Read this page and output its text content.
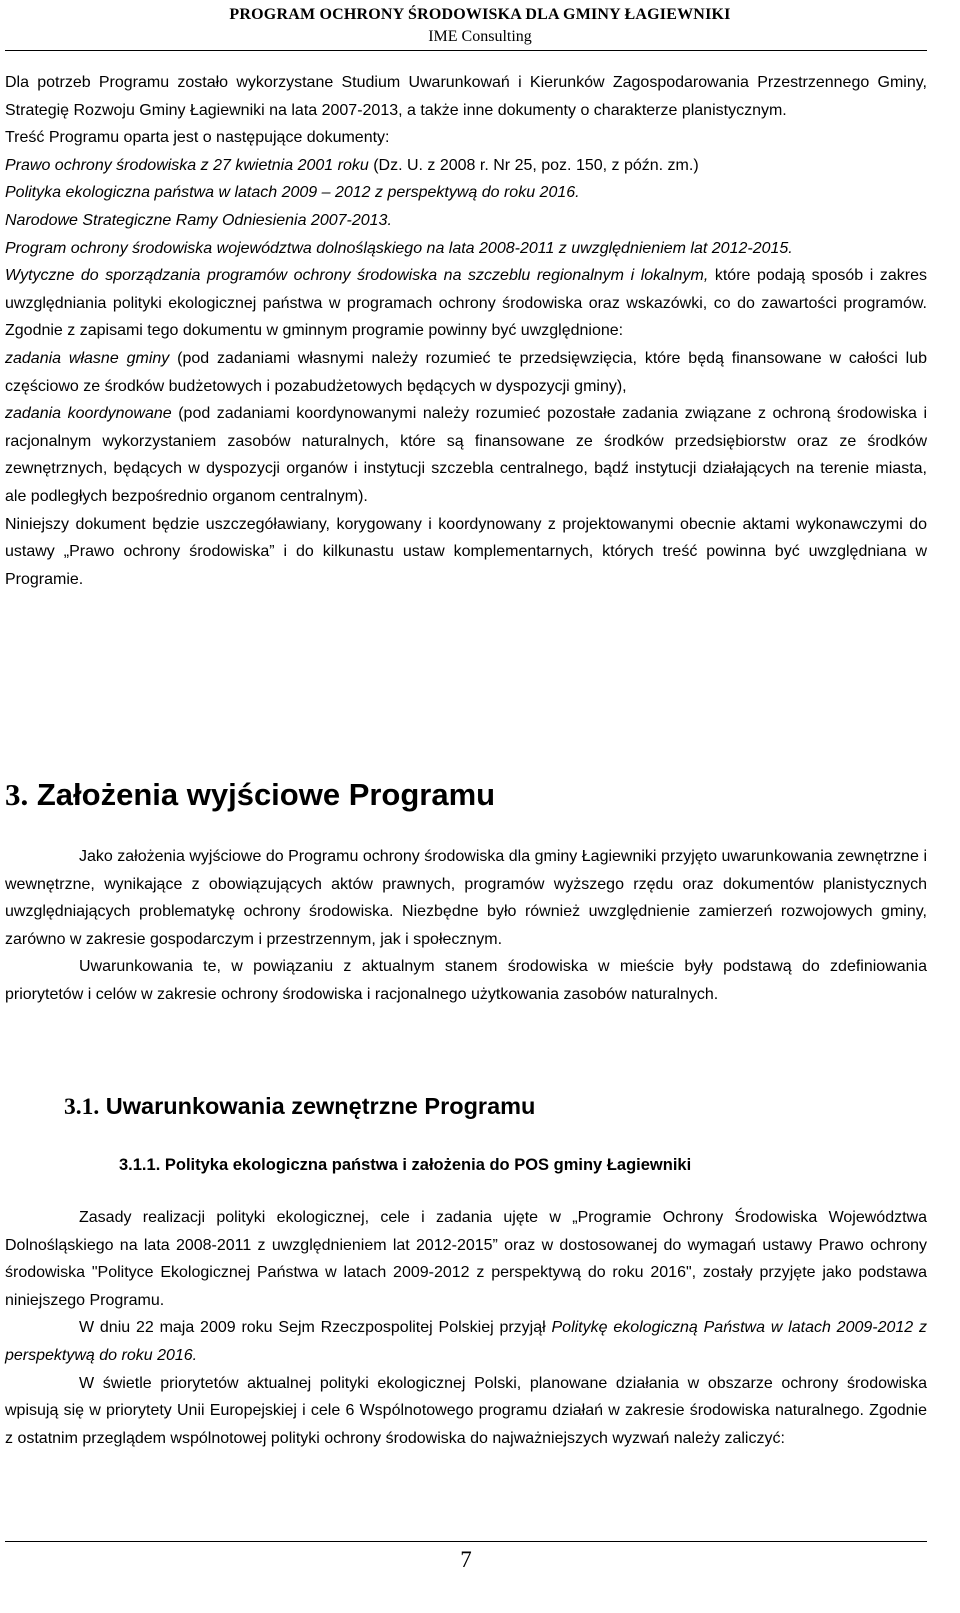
PROGRAM OCHRONY ŚRODOWISKA DLA GMINY ŁAGIEWNIKI
IME Consulting

Dla potrzeb Programu zostało wykorzystane Studium Uwarunkowań i Kierunków Zagospodarowania Przestrzennego Gminy, Strategię Rozwoju Gminy Łagiewniki na lata 2007-2013, a także inne dokumenty o charakterze planistycznym.

Treść Programu oparta jest o następujące dokumenty:

Prawo ochrony środowiska z 27 kwietnia 2001 roku (Dz. U. z 2008 r. Nr 25, poz. 150, z późn. zm.)

Polityka ekologiczna państwa w latach 2009 – 2012 z perspektywą do roku 2016.

Narodowe Strategiczne Ramy Odniesienia 2007-2013.

Program ochrony środowiska województwa dolnośląskiego na lata 2008-2011 z uwzględnieniem lat 2012-2015.

Wytyczne do sporządzania programów ochrony środowiska na szczeblu regionalnym i lokalnym, które podają sposób i zakres uwzględniania polityki ekologicznej państwa w programach ochrony środowiska oraz wskazówki, co do zawartości programów. Zgodnie z zapisami tego dokumentu w gminnym programie powinny być uwzględnione:

zadania własne gminy (pod zadaniami własnymi należy rozumieć te przedsięwzięcia, które będą finansowane w całości lub częściowo ze środków budżetowych i pozabudżetowych będących w dyspozycji gminy),

zadania koordynowane (pod zadaniami koordynowanymi należy rozumieć pozostałe zadania związane z ochroną środowiska i racjonalnym wykorzystaniem zasobów naturalnych, które są finansowane ze środków przedsiębiorstw oraz ze środków zewnętrznych, będących w dyspozycji organów i instytucji szczebla centralnego, bądź instytucji działających na terenie miasta, ale podległych bezpośrednio organom centralnym).

Niniejszy dokument będzie uszczegóławiany, korygowany i koordynowany z projektowanymi obecnie aktami wykonawczymi do ustawy „Prawo ochrony środowiska” i do kilkunastu ustaw komplementarnych, których treść powinna być uwzględniana w Programie.

3. Założenia wyjściowe Programu

Jako założenia wyjściowe do Programu ochrony środowiska dla gminy Łagiewniki przyjęto uwarunkowania zewnętrzne i wewnętrzne, wynikające z obowiązujących aktów prawnych, programów wyższego rzędu oraz dokumentów planistycznych uwzględniających problematykę ochrony środowiska. Niezbędne było również uwzględnienie zamierzeń rozwojowych gminy, zarówno w zakresie gospodarczym i przestrzennym, jak i społecznym.

Uwarunkowania te, w powiązaniu z aktualnym stanem środowiska w mieście były podstawą do zdefiniowania priorytetów i celów w zakresie ochrony środowiska i racjonalnego użytkowania zasobów naturalnych.

3.1. Uwarunkowania zewnętrzne Programu
3.1.1. Polityka ekologiczna państwa i założenia do POS gminy Łagiewniki

Zasady realizacji polityki ekologicznej, cele i zadania ujęte w „Programie Ochrony Środowiska Województwa Dolnośląskiego na lata 2008-2011 z uwzględnieniem lat 2012-2015” oraz w dostosowanej do wymagań ustawy Prawo ochrony środowiska "Polityce Ekologicznej Państwa w latach 2009-2012 z perspektywą do roku 2016", zostały przyjęte jako podstawa niniejszego Programu.

W dniu 22 maja 2009 roku Sejm Rzeczpospolitej Polskiej przyjął Politykę ekologiczną Państwa w latach 2009-2012 z perspektywą do roku 2016.

W świetle priorytetów aktualnej polityki ekologicznej Polski, planowane działania w obszarze ochrony środowiska wpisują się w priorytety Unii Europejskiej i cele 6 Wspólnotowego programu działań w zakresie środowiska naturalnego. Zgodnie z ostatnim przeglądem wspólnotowej polityki ochrony środowiska do najważniejszych wyzwań należy zaliczyć:

7
